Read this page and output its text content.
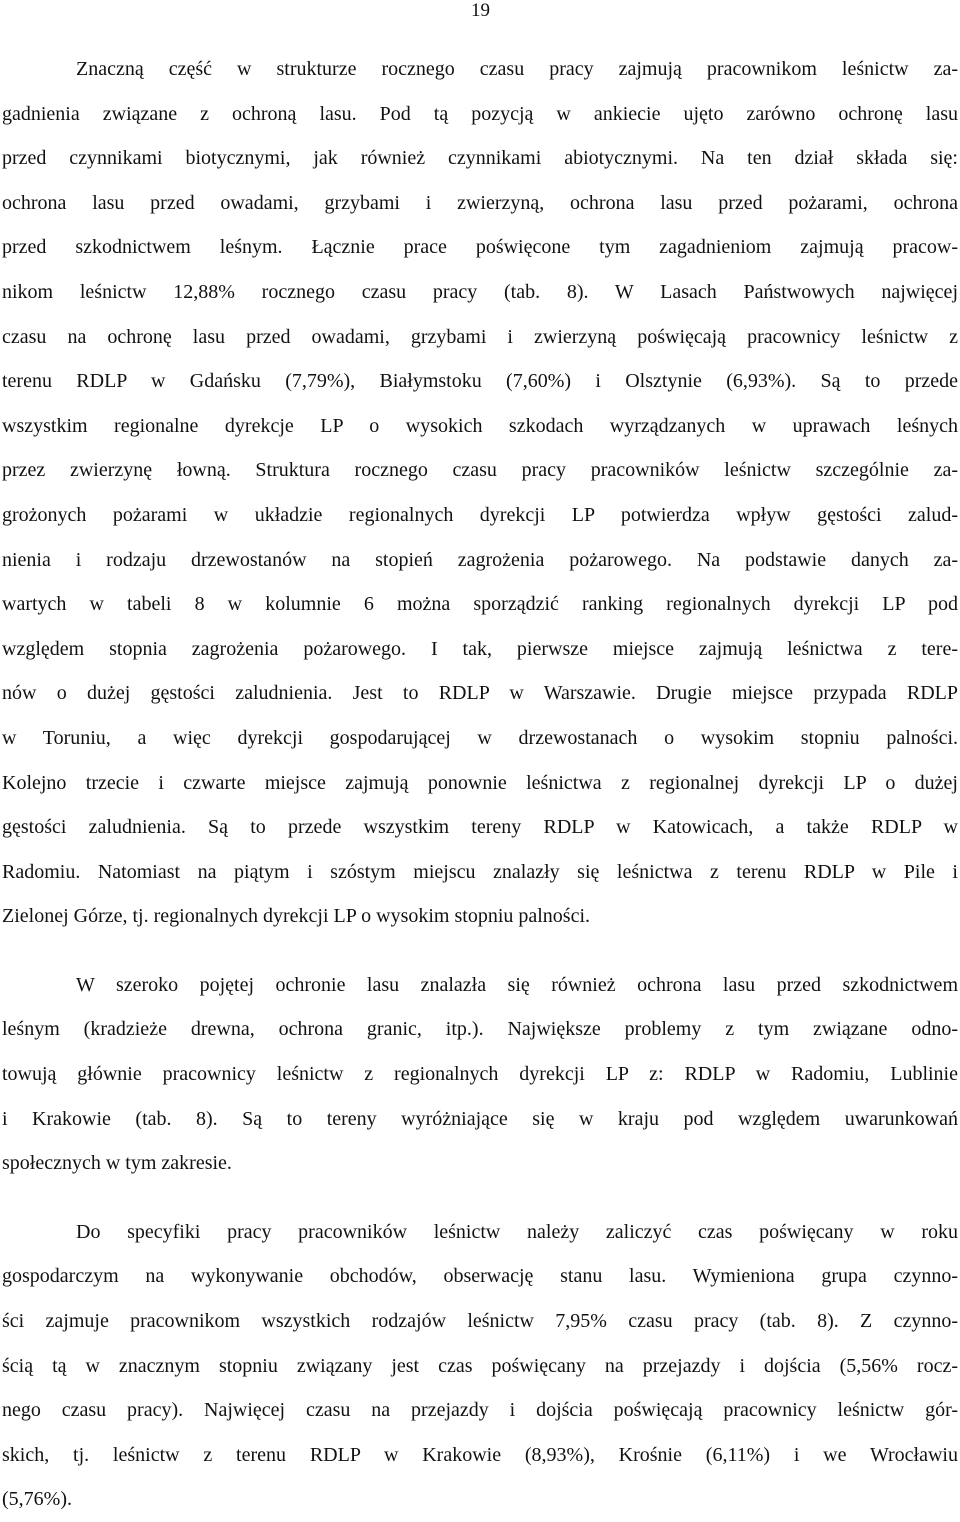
19

Znaczną część w strukturze rocznego czasu pracy zajmują pracownikom leśnictw za-
gadnienia związane z ochroną lasu. Pod tą pozycją w ankiecie ujęto zarówno ochronę lasu
przed czynnikami biotycznymi, jak również czynnikami abiotycznymi. Na ten dział składa się:
ochrona lasu przed owadami, grzybami i zwierzyną, ochrona lasu przed pożarami, ochrona
przed szkodnictwem leśnym. Łącznie prace poświęcone tym zagadnieniom zajmują pracow-
nikom leśnictw 12,88% rocznego czasu pracy (tab. 8). W Lasach Państwowych najwięcej
czasu na ochronę lasu przed owadami, grzybami i zwierzyną poświęcają pracownicy leśnictw z
terenu RDLP w Gdańsku (7,79%), Białymstoku (7,60%) i Olsztynie (6,93%). Są to przede
wszystkim regionalne dyrekcje LP o wysokich szkodach wyrządzanych w uprawach leśnych
przez zwierzynę łowną. Struktura rocznego czasu pracy pracowników leśnictw szczególnie za-
grożonych pożarami w układzie regionalnych dyrekcji LP potwierdza wpływ gęstości zalud-
nienia i rodzaju drzewostanów na stopień zagrożenia pożarowego. Na podstawie danych za-
wartych w tabeli 8 w kolumnie 6 można sporządzić ranking regionalnych dyrekcji LP pod
względem stopnia zagrożenia pożarowego. I tak, pierwsze miejsce zajmują leśnictwa z tere-
nów o dużej gęstości zaludnienia. Jest to RDLP w Warszawie. Drugie miejsce przypada RDLP
w Toruniu, a więc dyrekcji gospodarującej w drzewostanach o wysokim stopniu palności.
Kolejno trzecie i czwarte miejsce zajmują ponownie leśnictwa z regionalnej dyrekcji LP o dużej
gęstości zaludnienia. Są to przede wszystkim tereny RDLP w Katowicach, a także RDLP w
Radomiu. Natomiast na piątym i szóstym miejscu znalazły się leśnictwa z terenu RDLP w Pile i
Zielonej Górze, tj. regionalnych dyrekcji LP o wysokim stopniu palności.

W szeroko pojętej ochronie lasu znalazła się również ochrona lasu przed szkodnictwem
leśnym (kradzieże drewna, ochrona granic, itp.). Największe problemy z tym związane odno-
towują głównie pracownicy leśnictw z regionalnych dyrekcji LP z: RDLP w Radomiu, Lublinie
i Krakowie (tab. 8). Są to tereny wyróżniające się w kraju pod względem uwarunkowań
społecznych w tym zakresie.

Do specyfiki pracy pracowników leśnictw należy zaliczyć czas poświęcany w roku
gospodarczym na wykonywanie obchodów, obserwację stanu lasu. Wymieniona grupa czynno-
ści zajmuje pracownikom wszystkich rodzajów leśnictw 7,95% czasu pracy (tab. 8). Z czynno-
ścią tą w znacznym stopniu związany jest czas poświęcany na przejazdy i dojścia (5,56% rocz-
nego czasu pracy). Najwięcej czasu na przejazdy i dojścia poświęcają pracownicy leśnictw gór-
skich, tj. leśnictw z terenu RDLP w Krakowie (8,93%), Krośnie (6,11%) i we Wrocławiu
(5,76%).
